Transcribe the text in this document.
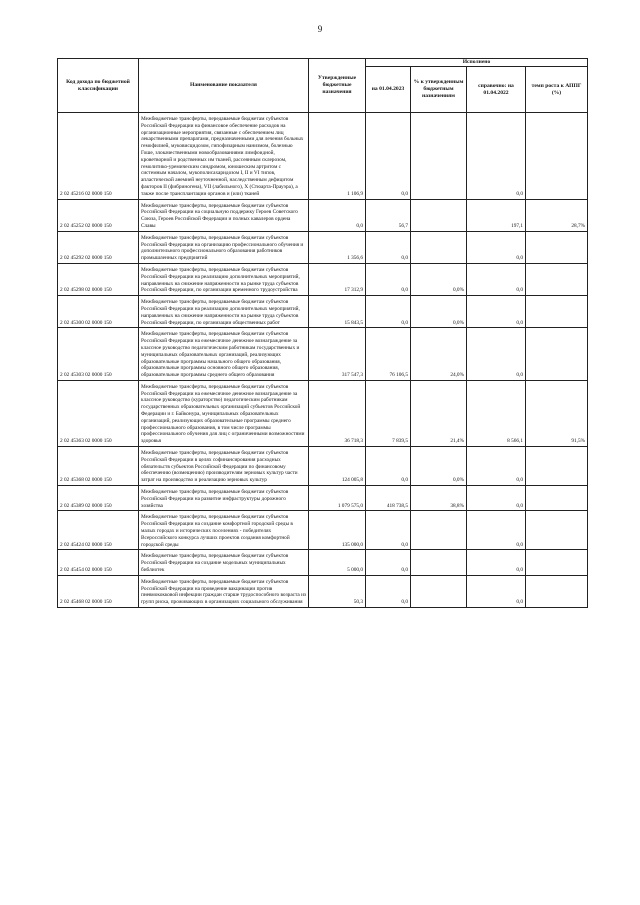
9
Код дохода по бюджетной классификации	Наименование показателя	Утвержденные бюджетные назначения	Исполнено			
			на 01.04.2023	% к утвержденным бюджетным назначениям	справочно: на 01.04.2022	темп роста к АППГ (%)
2 02 45216 02 0000 150	Межбюджетные трансферты, передаваемые бюджетам субъектов Российской Федерации на финансовое обеспечение расходов на организационные мероприятия, связанные с обеспечением лиц лекарственными препаратами, предназначенными для лечения больных гемофилией, муковисцидозом, гипофизарным нанизмом, болезнью Гоше, злокачественными новообразованиями лимфоидной, кроветворной и родственных им тканей, рассеянным склерозом, гемолитико-уремическим синдромом, юношеским артритом с системным началом, мукополисахаридозом I, II и VI типов, апластической анемией неуточненной, наследственным дефицитом факторов II (фибриногена), VII (лабильного), X (Стюарта-Прауэра), а также после трансплантации органов и (или) тканей	1 106,9	0,0		0,0	
2 02 45252 02 0000 150	Межбюджетные трансферты, передаваемые бюджетам субъектов Российской Федерации на социальную поддержку Героев Советского Союза, Героев Российской Федерации и полных кавалеров ордена Славы	0,0	56,7		197,1	28,7%
2 02 45292 02 0000 150	Межбюджетные трансферты, передаваемые бюджетам субъектов Российской Федерации на организацию профессионального обучения и дополнительного профессионального образования работников промышленных предприятий	1 356,6	0,0		0,0	
2 02 45298 02 0000 150	Межбюджетные трансферты, передаваемые бюджетам субъектов Российской Федерации на реализацию дополнительных мероприятий, направленных на снижение напряженности на рынке труда субъектов Российской Федерации, по организации временного трудоустройства	17 312,9	0,0	0,0%	0,0	
2 02 45300 02 0000 150	Межбюджетные трансферты, передаваемые бюджетам субъектов Российской Федерации на реализацию дополнительных мероприятий, направленных на снижение напряженности на рынке труда субъектов Российской Федерации, по организации общественных работ	15 843,5	0,0	0,0%	0,0	
2 02 45303 02 0000 150	Межбюджетные трансферты, передаваемые бюджетам субъектов Российской Федерации на ежемесячное денежное вознаграждение за классное руководство педагогическим работникам государственных и муниципальных образовательных организаций, реализующих образовательные программы начального общего образования, образовательные программы основного общего образования, образовательные программы среднего общего образования	317 547,3	76 106,5	24,0%	0,0	
2 02 45363 02 0000 150	Межбюджетные трансферты, передаваемые бюджетам субъектов Российской Федерации на ежемесячное денежное вознаграждение за классное руководство (кураторство) педагогическим работникам государственных образовательных организаций субъектов Российской Федерации и г. Байконура, муниципальных образовательных организаций, реализующих образовательные программы среднего профессионального образования, в том числе программы профессионального обучения для лиц с ограниченными возможностями здоровья	36 718,3	7 839,5	21,4%	8 566,1	91,5%
2 02 45368 02 0000 150	Межбюджетные трансферты, передаваемые бюджетам субъектов Российской Федерации в целях софинансирования расходных обязательств субъектов Российской Федерации по финансовому обеспечению (возмещению) производителям зерновых культур части затрат на производство и реализацию зерновых культур	124 005,8	0,0	0,0%	0,0	
2 02 45389 02 0000 150	Межбюджетные трансферты, передаваемые бюджетам субъектов Российской Федерации на развитие инфраструктуры дорожного хозяйства	1 079 575,0	418 738,5	38,8%	0,0	
2 02 45424 02 0000 150	Межбюджетные трансферты, передаваемые бюджетам субъектов Российской Федерации на создание комфортной городской среды в малых городах и исторических поселениях - победителях Всероссийского конкурса лучших проектов создания комфортной городской среды	135 000,0	0,0		0,0	
2 02 45454 02 0000 150	Межбюджетные трансферты, передаваемые бюджетам субъектов Российской Федерации на создание модельных муниципальных библиотек	5 000,0	0,0		0,0	
2 02 45468 02 0000 150	Межбюджетные трансферты, передаваемые бюджетам субъектов Российской Федерации на проведение вакцинации против пневмококковой инфекции граждан старше трудоспособного возраста из групп риска, проживающих в организациях социального обслуживания	50,3	0,0		0,0	
